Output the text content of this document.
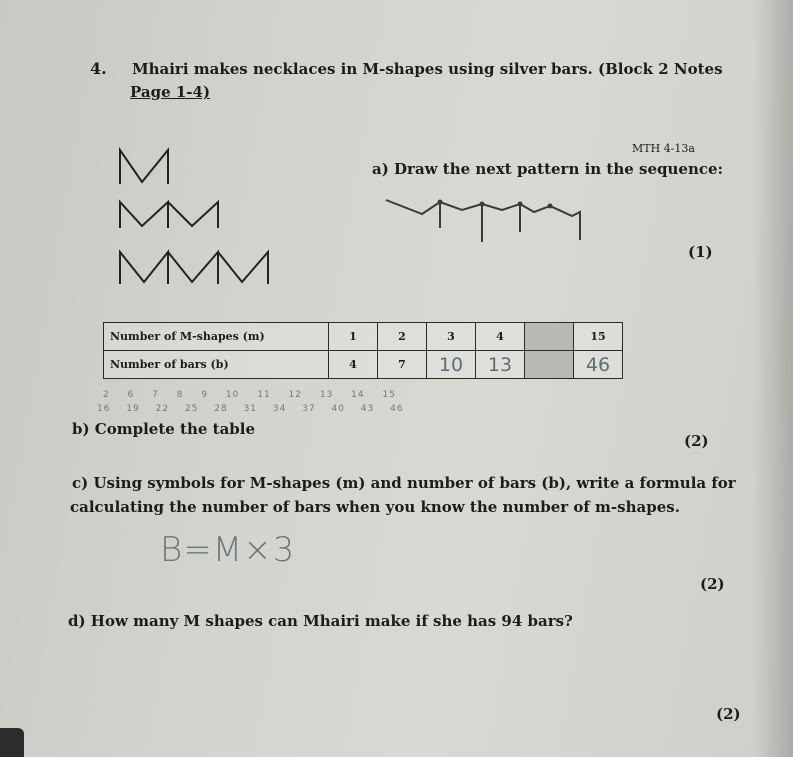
4. Mhairi makes necklaces in M-shapes using silver bars. (Block 2 Notes
Page 1-4)
MTH 4-13a
a) Draw the next pattern in the sequence:
(1)
Number of M-shapes (m)	1	2	3	4		15
Number of bars (b)	4	7	10	13		46
2 6 7 8 9 10 11 12 13 14 15
16 19 22 25 28 31 34 37 40 43 46
b) Complete the table
(2)
c) Using symbols for M-shapes (m) and number of bars (b), write a formula for
calculating the number of bars when you know the number of m-shapes.
B=M×3
(2)
d) How many M shapes can Mhairi make if she has 94 bars?
(2)
